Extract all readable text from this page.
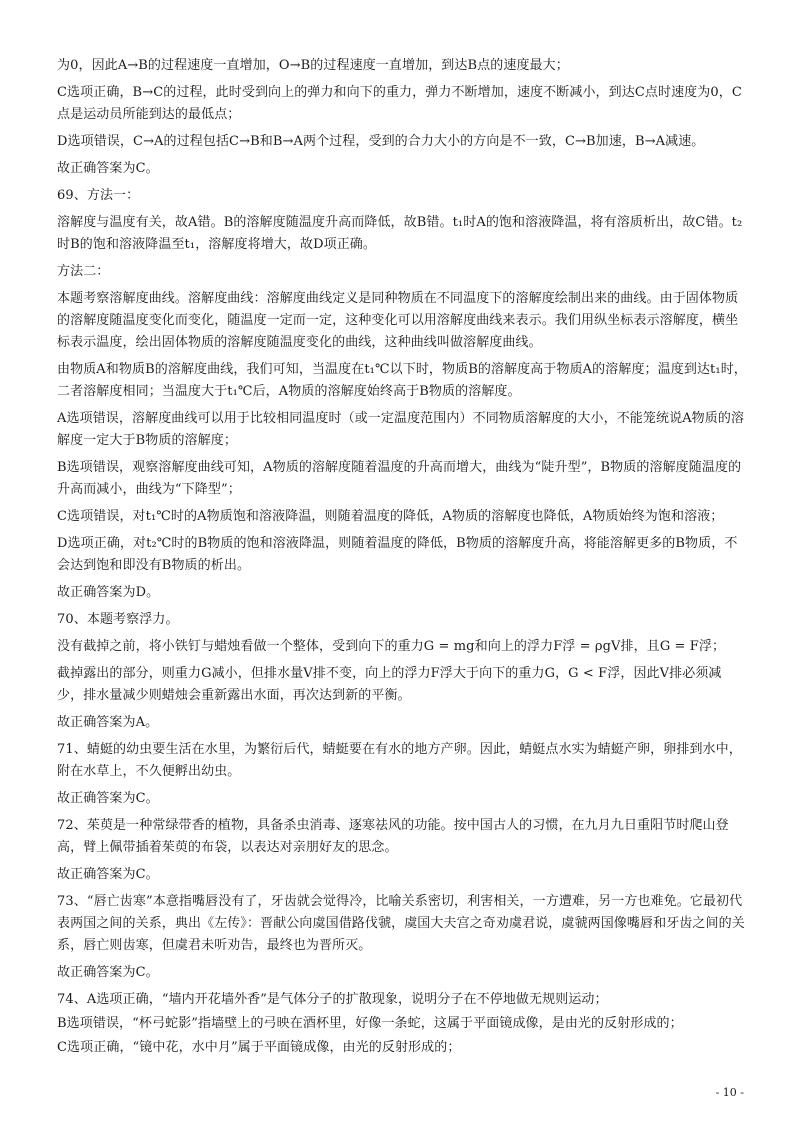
为0，因此A→B的过程速度一直增加，O→B的过程速度一直增加，到达B点的速度最大；

C选项正确，B→C的过程，此时受到向上的弹力和向下的重力，弹力不断增加，速度不断减小，到达C点时速度为0，C点是运动员所能到达的最低点；

D选项错误，C→A的过程包括C→B和B→A两个过程，受到的合力大小的方向是不一致，C→B加速，B→A减速。

故正确答案为C。

69、方法一：

溶解度与温度有关，故A错。B的溶解度随温度升高而降低，故B错。t₁时A的饱和溶液降温，将有溶质析出，故C错。t₂时B的饱和溶液降温至t₁，溶解度将增大，故D项正确。

方法二：

本题考察溶解度曲线。溶解度曲线：溶解度曲线定义是同种物质在不同温度下的溶解度绘制出来的曲线。由于固体物质的溶解度随温度变化而变化，随温度一定而一定，这种变化可以用溶解度曲线来表示。我们用纵坐标表示溶解度，横坐标表示温度，绘出固体物质的溶解度随温度变化的曲线，这种曲线叫做溶解度曲线。

由物质A和物质B的溶解度曲线，我们可知，当温度在t₁℃以下时，物质B的溶解度高于物质A的溶解度；温度到达t₁时，二者溶解度相同；当温度大于t₁℃后，A物质的溶解度始终高于B物质的溶解度。

A选项错误，溶解度曲线可以用于比较相同温度时（或一定温度范围内）不同物质溶解度的大小，不能笼统说A物质的溶解度一定大于B物质的溶解度；

B选项错误，观察溶解度曲线可知，A物质的溶解度随着温度的升高而增大，曲线为“陡升型”，B物质的溶解度随温度的升高而减小，曲线为“下降型”；

C选项错误，对t₁℃时的A物质饱和溶液降温，则随着温度的降低，A物质的溶解度也降低，A物质始终为饱和溶液；

D选项正确，对t₂℃时的B物质的饱和溶液降温，则随着温度的降低，B物质的溶解度升高，将能溶解更多的B物质，不会达到饱和即没有B物质的析出。

故正确答案为D。

70、本题考察浮力。

没有截掉之前，将小铁钉与蜡烛看做一个整体，受到向下的重力G = mg和向上的浮力F浮 = ρgV排，且G = F浮；

截掉露出的部分，则重力G减小，但排水量V排不变，向上的浮力F浮大于向下的重力G，G < F浮，因此V排必须减少，排水量减少则蜡烛会重新露出水面，再次达到新的平衡。

故正确答案为A。

71、蜻蜓的幼虫要生活在水里，为繁衍后代，蜻蜓要在有水的地方产卵。因此，蜻蜓点水实为蜻蜓产卵，卵排到水中，附在水草上，不久便孵出幼虫。

故正确答案为C。

72、茱萸是一种常绿带香的植物，具备杀虫消毒、逐寒祛风的功能。按中国古人的习惯，在九月九日重阳节时爬山登高，臂上佩带插着茱萸的布袋，以表达对亲朋好友的思念。

故正确答案为C。

73、“唇亡齿寒”本意指嘴唇没有了，牙齿就会觉得冷，比喻关系密切，利害相关，一方遭难，另一方也难免。它最初代表两国之间的关系，典出《左传》：晋献公向虞国借路伐虢，虞国大夫宫之奇劝虞君说，虞虢两国像嘴唇和牙齿之间的关系，唇亡则齿寒，但虞君未听劝告，最终也为晋所灭。

故正确答案为C。

74、A选项正确，“墙内开花墙外香”是气体分子的扩散现象，说明分子在不停地做无规则运动；

B选项错误，“杯弓蛇影”指墙壁上的弓映在酒杯里，好像一条蛇，这属于平面镜成像，是由光的反射形成的；

C选项正确，“镜中花，水中月”属于平面镜成像，由光的反射形成的；

- 10 -
